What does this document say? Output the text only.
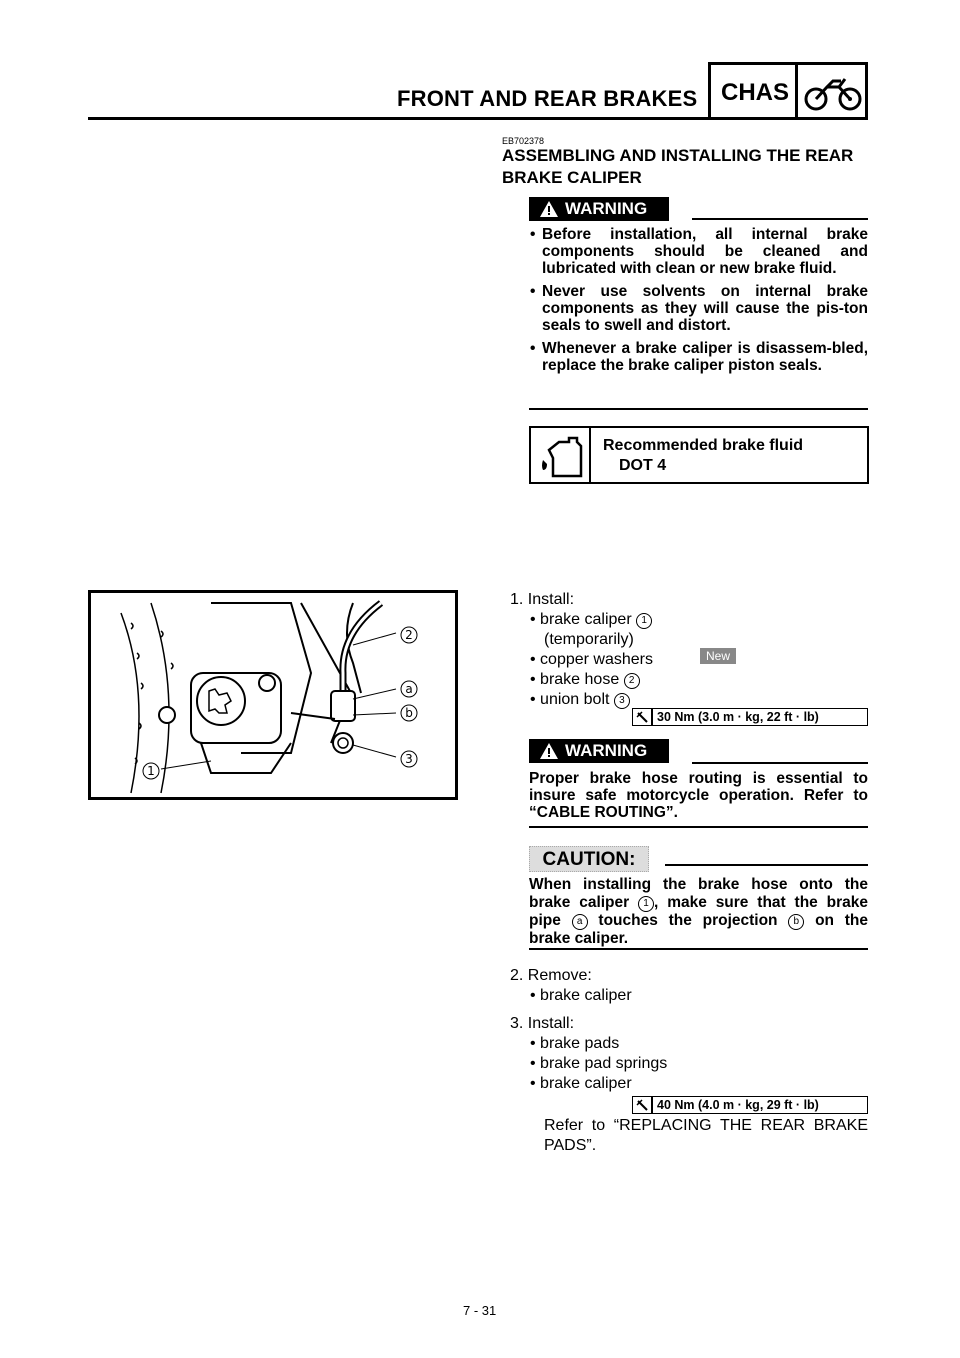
FRONT AND REAR BRAKES CHAS
EB702378
ASSEMBLING AND INSTALLING THE REAR BRAKE CALIPER
WARNING
• Before installation, all internal brake components should be cleaned and lubricated with clean or new brake fluid.
• Never use solvents on internal brake components as they will cause the pis-ton seals to swell and distort.
• Whenever a brake caliper is disassem-bled, replace the brake caliper piston seals.
Recommended brake fluid
DOT 4
1
2
a
b
3
1. Install:
• brake caliper 1
(temporarily)
• copper washers
• brake hose 2
• union bolt 3
New
30 Nm (3.0 m · kg, 22 ft · lb)
WARNING
Proper brake hose routing is essential to insure safe motorcycle operation. Refer to “CABLE ROUTING”.
CAUTION:
When installing the brake hose onto the brake caliper 1 , make sure that the brake pipe a touches the projection b on the brake caliper.
2. Remove:
• brake caliper
3. Install:
• brake pads
• brake pad springs
• brake caliper
40 Nm (4.0 m · kg, 29 ft · lb)
Refer to “REPLACING THE REAR BRAKE PADS”.
7 - 31
